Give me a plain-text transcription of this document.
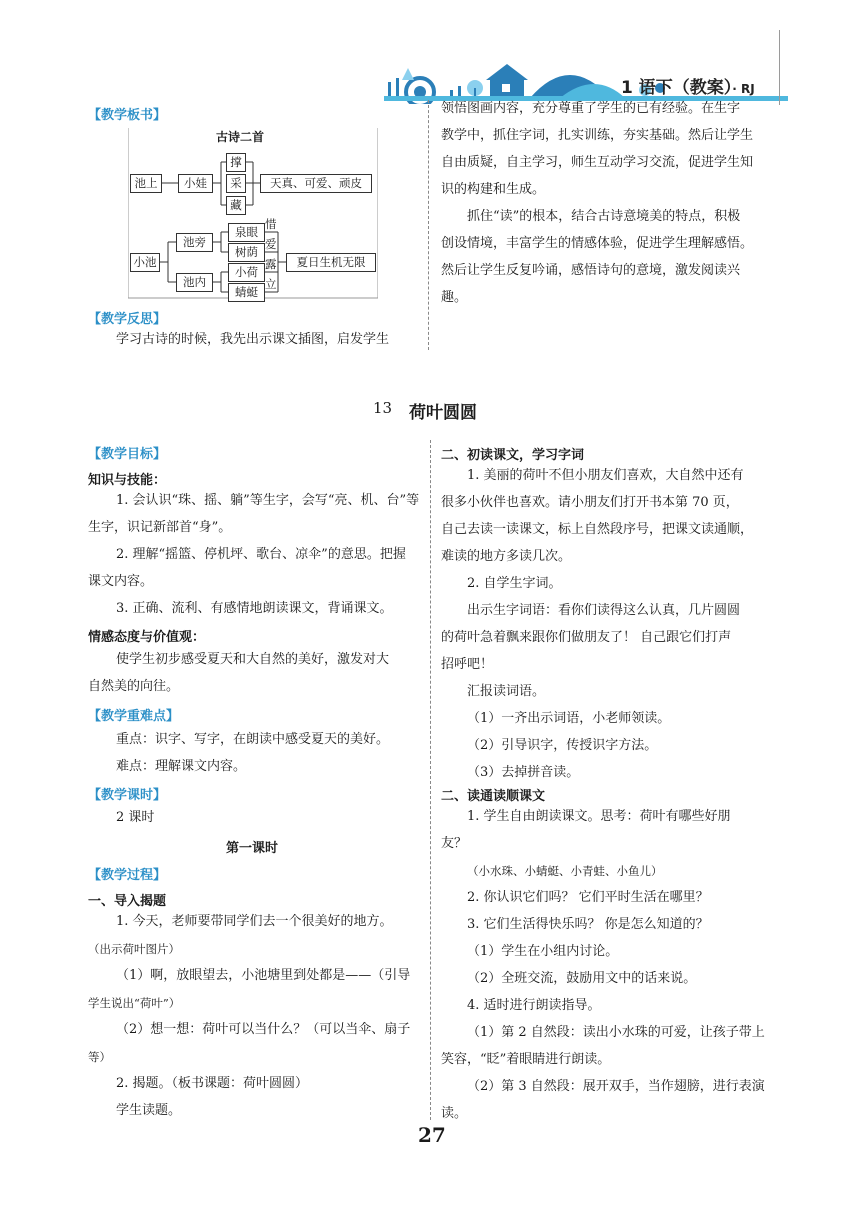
1 语下（教案）· RJ
【教学板书】
古诗二首
池上	小娃
撑
采
藏
天真、可爱、顽皮
小池
池旁
池内
泉眼
树荫
小荷
蜻蜓
惜
爱
露
立
夏日生机无限
【教学反思】
学习古诗的时候，我先出示课文插图，启发学生
领悟图画内容，充分尊重了学生的已有经验。在生字
教学中，抓住字词，扎实训练，夯实基础。然后让学生
自由质疑，自主学习，师生互动学习交流，促进学生知
识的构建和生成。
抓住“读”的根本，结合古诗意境美的特点，积极
创设情境，丰富学生的情感体验，促进学生理解感悟。
然后让学生反复吟诵，感悟诗句的意境，激发阅读兴
趣。
13 荷叶圆圆
【教学目标】
知识与技能：
1. 会认识“珠、摇、躺”等生字，会写“亮、机、台”等
生字，识记新部首“身”。
2. 理解“摇篮、停机坪、歌台、凉伞”的意思。把握
课文内容。
3. 正确、流利、有感情地朗读课文，背诵课文。
情感态度与价值观：
使学生初步感受夏天和大自然的美好，激发对大
自然美的向往。
【教学重难点】
重点：识字、写字，在朗读中感受夏天的美好。
难点：理解课文内容。
【教学课时】
2 课时
第一课时
【教学过程】
一、导入揭题
1. 今天，老师要带同学们去一个很美好的地方。
（出示荷叶图片）
（1）啊，放眼望去，小池塘里到处都是——（引导
学生说出“荷叶”）
（2）想一想：荷叶可以当什么？（可以当伞、扇子
等）
2. 揭题。（板书课题：荷叶圆圆）
学生读题。
二、初读课文，学习字词
1. 美丽的荷叶不但小朋友们喜欢，大自然中还有
很多小伙伴也喜欢。请小朋友们打开书本第 70 页，
自己去读一读课文，标上自然段序号，把课文读通顺，
难读的地方多读几次。
2. 自学生字词。
出示生字词语：看你们读得这么认真，几片圆圆
的荷叶急着飘来跟你们做朋友了！ 自己跟它们打声
招呼吧！
汇报读词语。
（1）一齐出示词语，小老师领读。
（2）引导识字，传授识字方法。
（3）去掉拼音读。
二、读通读顺课文
1. 学生自由朗读课文。思考：荷叶有哪些好朋
友？
（小水珠、小蜻蜓、小青蛙、小鱼儿）
2. 你认识它们吗？ 它们平时生活在哪里？
3. 它们生活得快乐吗？ 你是怎么知道的？
（1）学生在小组内讨论。
（2）全班交流，鼓励用文中的话来说。
4. 适时进行朗读指导。
（1）第 2 自然段：读出小水珠的可爱，让孩子带上
笑容，“眨”着眼睛进行朗读。
（2）第 3 自然段：展开双手，当作翅膀，进行表演
读。
27
